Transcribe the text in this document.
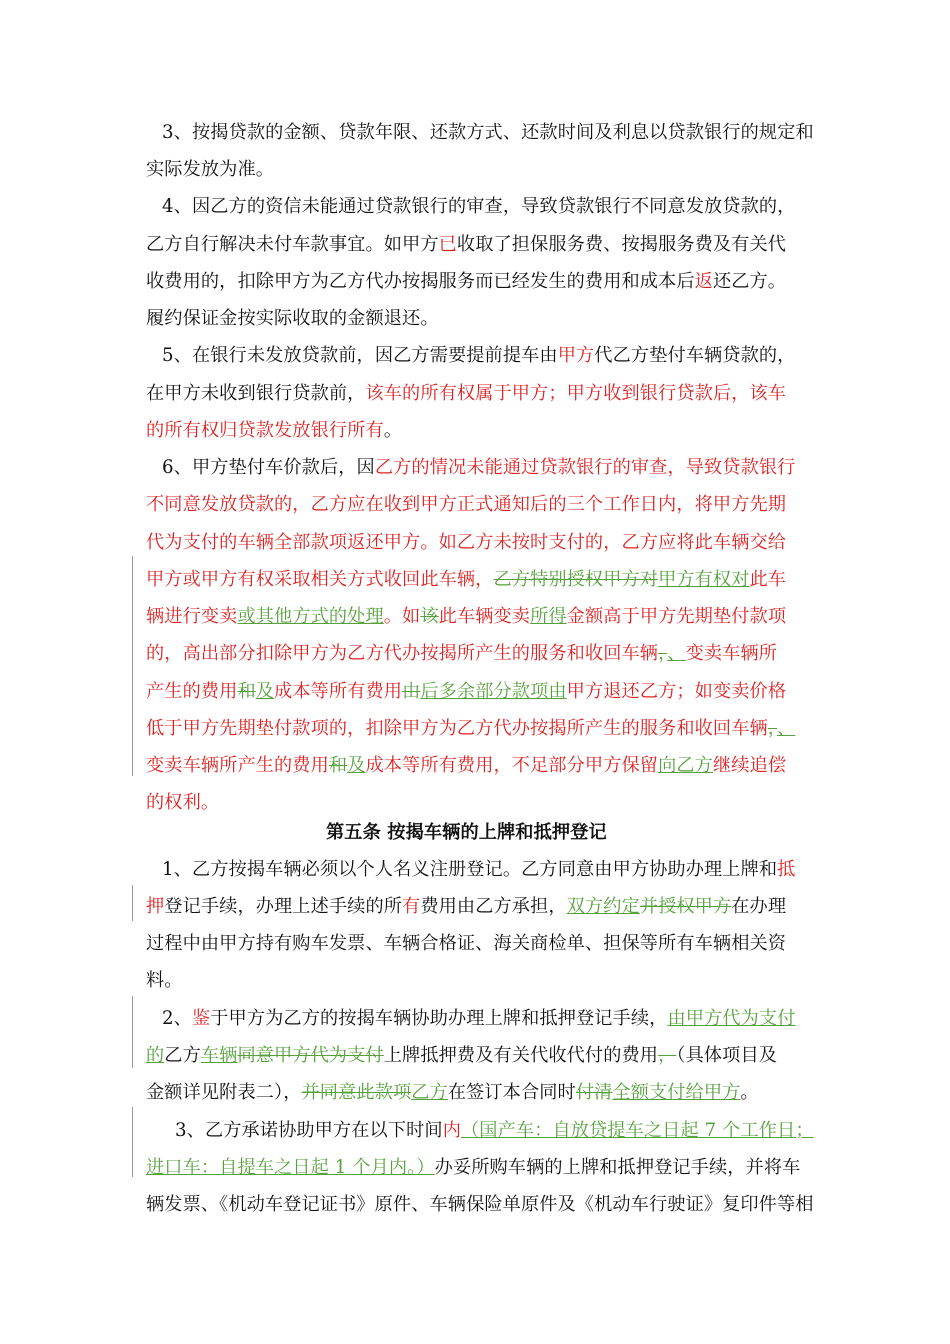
3、按揭贷款的金额、贷款年限、还款方式、还款时间及利息以贷款银行的规定和
实际发放为准。
4、因乙方的资信未能通过贷款银行的审查，导致贷款银行不同意发放贷款的，
乙方自行解决未付车款事宜。如甲方已收取了担保服务费、按揭服务费及有关代
收费用的，扣除甲方为乙方代办按揭服务而已经发生的费用和成本后返还乙方。
履约保证金按实际收取的金额退还。
5、在银行未发放贷款前，因乙方需要提前提车由甲方代乙方垫付车辆贷款的，
在甲方未收到银行贷款前，该车的所有权属于甲方；甲方收到银行贷款后，该车
的所有权归贷款发放银行所有。
6、甲方垫付车价款后，因乙方的情况未能通过贷款银行的审查，导致贷款银行
不同意发放贷款的，乙方应在收到甲方正式通知后的三个工作日内，将甲方先期
代为支付的车辆全部款项返还甲方。如乙方未按时支付的，乙方应将此车辆交给
甲方或甲方有权采取相关方式收回此车辆，乙方特别授权甲方对甲方有权对此车
辆进行变卖或其他方式的处理。如该此车辆变卖所得金额高于甲方先期垫付款项
的，高出部分扣除甲方为乙方代办按揭所产生的服务和收回车辆，、变卖车辆所
产生的费用和及成本等所有费用由后多余部分款项由甲方退还乙方；如变卖价格
低于甲方先期垫付款项的，扣除甲方为乙方代办按揭所产生的服务和收回车辆，、
变卖车辆所产生的费用和及成本等所有费用，不足部分甲方保留向乙方继续追偿
的权利。
第五条 按揭车辆的上牌和抵押登记
1、乙方按揭车辆必须以个人名义注册登记。乙方同意由甲方协助办理上牌和抵
押登记手续，办理上述手续的所有费用由乙方承担，双方约定并授权甲方在办理
过程中由甲方持有购车发票、车辆合格证、海关商检单、担保等所有车辆相关资
料。
2、鉴于甲方为乙方的按揭车辆协助办理上牌和抵押登记手续，由甲方代为支付
的乙方车辆同意甲方代为支付上牌抵押费及有关代收代付的费用，（具体项目及
金额详见附表二），并同意此款项乙方在签订本合同时付清全额支付给甲方。
3、乙方承诺协助甲方在以下时间内（国产车：自放贷提车之日起 7 个工作日；
进口车：自提车之日起 1 个月内。）办妥所购车辆的上牌和抵押登记手续，并将车
辆发票、《机动车登记证书》原件、车辆保险单原件及《机动车行驶证》复印件等相
